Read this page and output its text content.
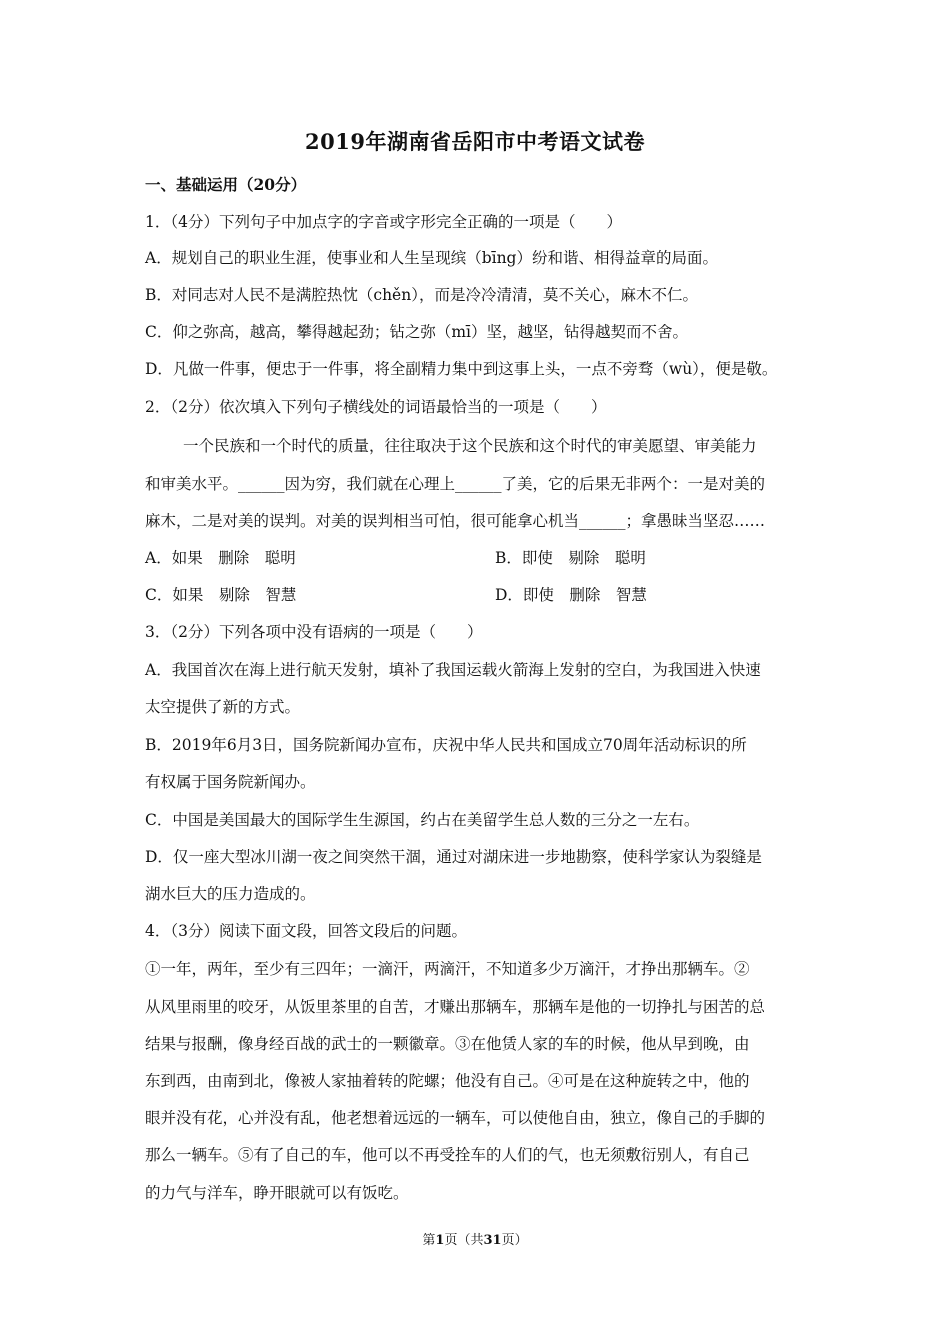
2019年湖南省岳阳市中考语文试卷
一、基础运用（20分）
1．（4分）下列句子中加点字的字音或字形完全正确的一项是（　　）
A．规划自己的职业生涯，使事业和人生呈现缤（bīng）纷和谐、相得益章的局面。
B．对同志对人民不是满腔热忱（chěn），而是冷冷清清，莫不关心，麻木不仁。
C．仰之弥高，越高，攀得越起劲；钻之弥（mī）坚，越坚，钻得越契而不舍。
D．凡做一件事，便忠于一件事，将全副精力集中到这事上头，一点不旁骛（wù），便是敬。
2．（2分）依次填入下列句子横线处的词语最恰当的一项是（　　）
一个民族和一个时代的质量，往往取决于这个民族和这个时代的审美愿望、审美能力
和审美水平。______因为穷，我们就在心理上______了美，它的后果无非两个：一是对美的
麻木，二是对美的误判。对美的误判相当可怕，很可能拿心机当______；拿愚昧当坚忍……
A．如果　删除　聪明	B．即使　剔除　聪明
C．如果　剔除　智慧	D．即使　删除　智慧
3．（2分）下列各项中没有语病的一项是（　　）
A．我国首次在海上进行航天发射，填补了我国运载火箭海上发射的空白，为我国进入快速
太空提供了新的方式。
B．2019年6月3日，国务院新闻办宣布，庆祝中华人民共和国成立70周年活动标识的所
有权属于国务院新闻办。
C．中国是美国最大的国际学生生源国，约占在美留学生总人数的三分之一左右。
D．仅一座大型冰川湖一夜之间突然干涸，通过对湖床进一步地勘察，使科学家认为裂缝是
湖水巨大的压力造成的。
4．（3分）阅读下面文段，回答文段后的问题。
①一年，两年，至少有三四年；一滴汗，两滴汗，不知道多少万滴汗，才挣出那辆车。②
从风里雨里的咬牙，从饭里茶里的自苦，才赚出那辆车，那辆车是他的一切挣扎与困苦的总
结果与报酬，像身经百战的武士的一颗徽章。③在他赁人家的车的时候，他从早到晚，由
东到西，由南到北，像被人家抽着转的陀螺；他没有自己。④可是在这种旋转之中，他的
眼并没有花，心并没有乱，他老想着远远的一辆车，可以使他自由，独立，像自己的手脚的
那么一辆车。⑤有了自己的车，他可以不再受拴车的人们的气，也无须敷衍别人，有自己
的力气与洋车，睁开眼就可以有饭吃。
第1页（共31页）
